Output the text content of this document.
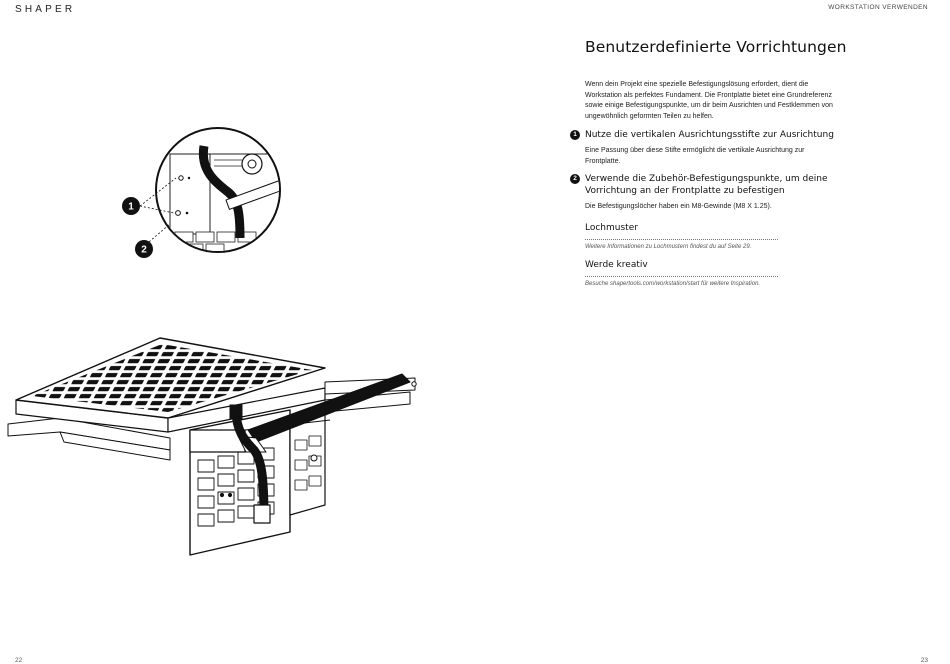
SHAPER	WORKSTATION VERWENDEN
1
2
Benutzerdefinierte Vorrichtungen

Wenn dein Projekt eine spezielle Befestigungslösung erfordert, dient die Workstation als perfektes Fundament. Die Frontplatte bietet eine Grundreferenz sowie einige Befestigungspunkte, um dir beim Ausrichten und Festklemmen von ungewöhnlich geformten Teilen zu helfen.

1 Nutze die vertikalen Ausrichtungsstifte zur Ausrichtung

Eine Passung über diese Stifte ermöglicht die vertikale Ausrichtung zur Frontplatte.

2 Verwende die Zubehör-Befestigungspunkte, um deine Vorrichtung an der Frontplatte zu befestigen

Die Befestigungslöcher haben ein M8-Gewinde (M8 X 1.25).

Lochmuster

Weitere Informationen zu Lochmustern findest du auf Seite 29.

Werde kreativ

Besuche shapertools.com/workstation/start für weitere Inspiration.

22	23
